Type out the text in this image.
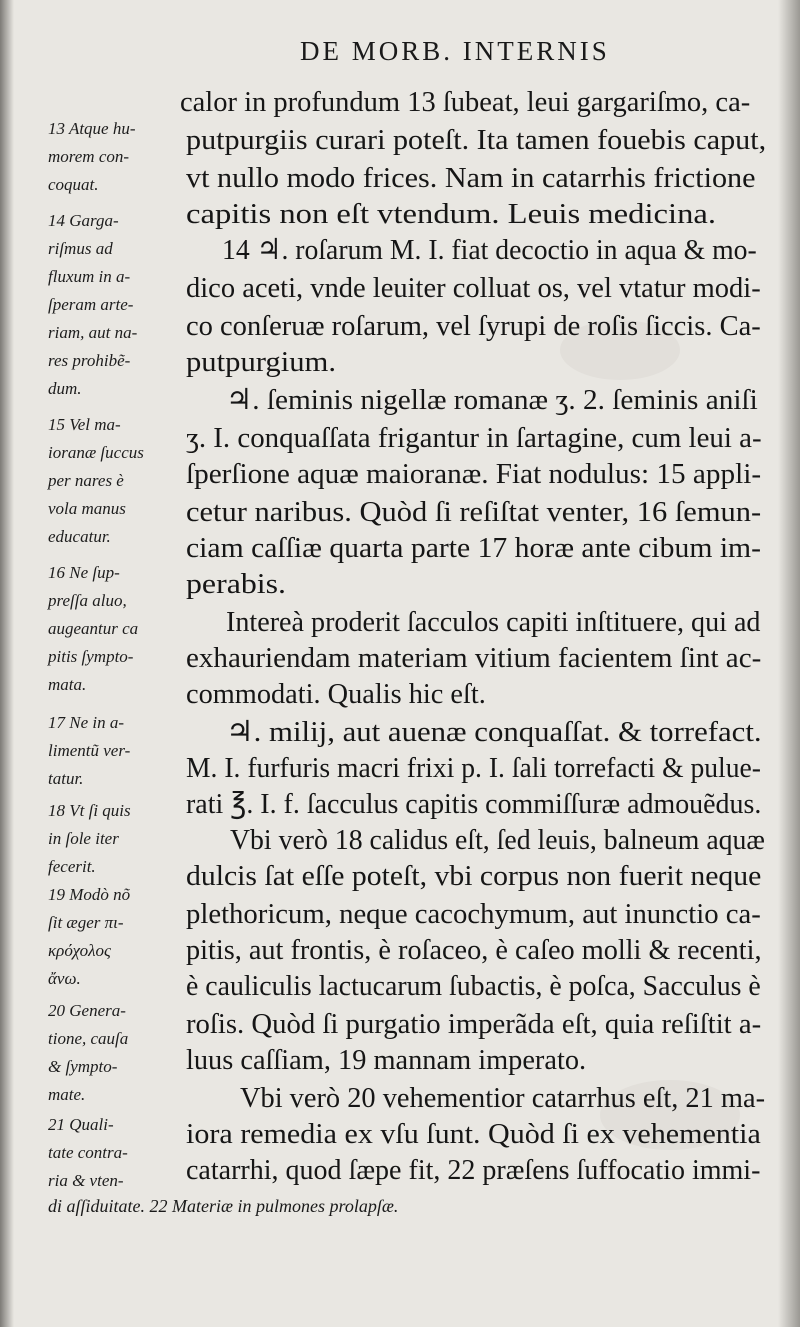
DE MORB. INTERNIS
calor in profundum 13 ſubeat, leui gargariſmo, ca-
putpurgiis curari poteſt. Ita tamen fouebis caput,
vt nullo modo frices. Nam in catarrhis frictione
capitis non eſt vtendum. Leuis medicina.
14 ♃. roſarum M. I. fiat decoctio in aqua & mo-
dico aceti, vnde leuiter colluat os, vel vtatur modi-
co conſeruæ roſarum, vel ſyrupi de roſis ſiccis. Ca-
putpurgium.
♃. ſeminis nigellæ romanæ ʒ. 2. ſeminis aniſi
ʒ. I. conquaſſata frigantur in ſartagine, cum leui a-
ſperſione aquæ maioranæ. Fiat nodulus: 15 appli-
cetur naribus. Quòd ſi reſiſtat venter, 16 ſemun-
ciam caſſiæ quarta parte 17 horæ ante cibum im-
perabis.
Intereà proderit ſacculos capiti inſtituere, qui ad
exhauriendam materiam vitium facientem ſint ac-
commodati. Qualis hic eſt.
♃. milij, aut auenæ conquaſſat. & torrefact.
M. I. furfuris macri frixi p. I. ſali torrefacti & pulue-
rati ℥. I. f. ſacculus capitis commiſſuræ admouẽdus.
Vbi verò 18 calidus eſt, ſed leuis, balneum aquæ
dulcis ſat eſſe poteſt, vbi corpus non fuerit neque
plethoricum, neque cacochymum, aut inunctio ca-
pitis, aut frontis, è roſaceo, è caſeo molli & recenti,
è cauliculis lactucarum ſubactis, è poſca, Sacculus è
roſis. Quòd ſi purgatio imperãda eſt, quia reſiſtit a-
luus caſſiam, 19 mannam imperato.
Vbi verò 20 vehementior catarrhus eſt, 21 ma-
iora remedia ex vſu ſunt. Quòd ſi ex vehementia
catarrhi, quod ſæpe fit, 22 præſens ſuffocatio immi-
13 Atque hu-
morem con-
coquat.
14 Garga-
riſmus ad
fluxum in a-
ſperam arte-
riam, aut na-
res prohibẽ-
dum.
15 Vel ma-
ioranæ ſuccus
per nares è
vola manus
educatur.
16 Ne ſup-
preſſa aluo,
augeantur ca
pitis ſympto-
mata.
17 Ne in a-
limentũ ver-
tatur.
18 Vt ſi quis
in ſole iter
fecerit.
19 Modò nõ
ſit æger πι-
κρόχολος
ἄνω.
20 Genera-
tione, cauſa
& ſympto-
mate.
21 Quali-
tate contra-
ria & vten-
di aſſiduitate. 22 Materiæ in pulmones prolapſæ.
